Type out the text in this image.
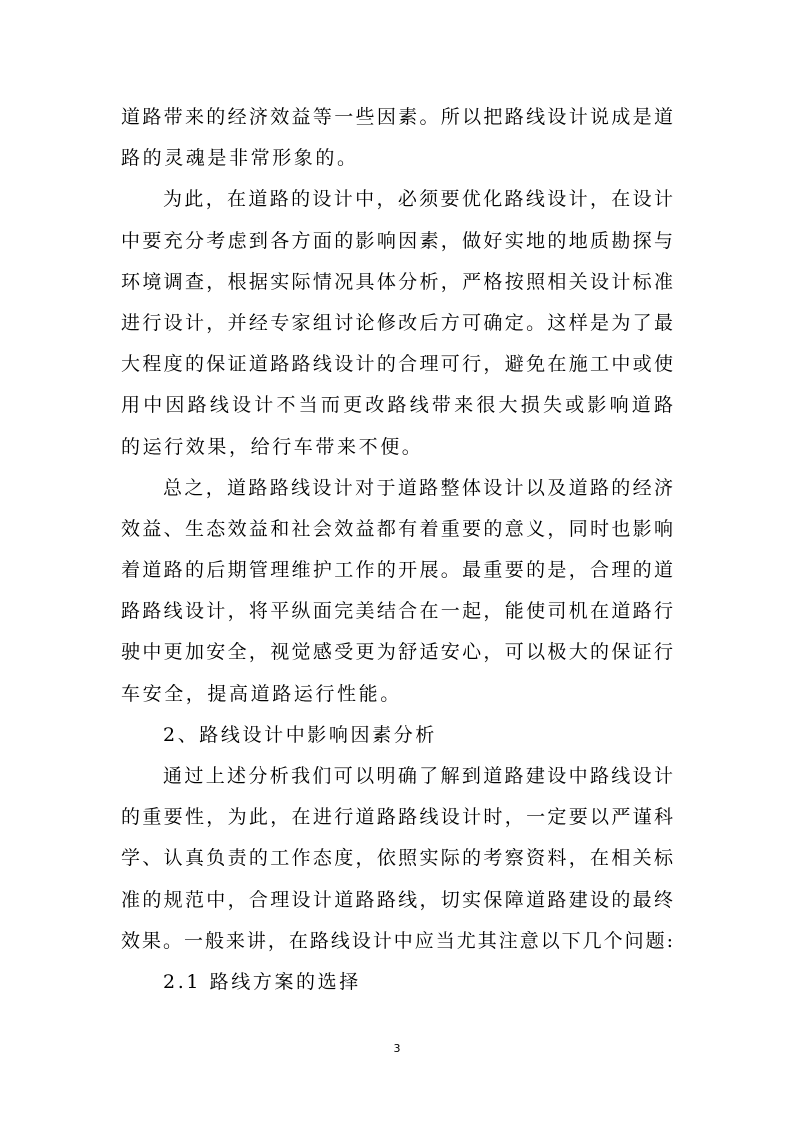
道路带来的经济效益等一些因素。所以把路线设计说成是道
路的灵魂是非常形象的。
为此，在道路的设计中，必须要优化路线设计，在设计
中要充分考虑到各方面的影响因素，做好实地的地质勘探与
环境调查，根据实际情况具体分析，严格按照相关设计标准
进行设计，并经专家组讨论修改后方可确定。这样是为了最
大程度的保证道路路线设计的合理可行，避免在施工中或使
用中因路线设计不当而更改路线带来很大损失或影响道路
的运行效果，给行车带来不便。
总之，道路路线设计对于道路整体设计以及道路的经济
效益、生态效益和社会效益都有着重要的意义，同时也影响
着道路的后期管理维护工作的开展。最重要的是，合理的道
路路线设计，将平纵面完美结合在一起，能使司机在道路行
驶中更加安全，视觉感受更为舒适安心，可以极大的保证行
车安全，提高道路运行性能。
2、路线设计中影响因素分析
通过上述分析我们可以明确了解到道路建设中路线设计
的重要性，为此，在进行道路路线设计时，一定要以严谨科
学、认真负责的工作态度，依照实际的考察资料，在相关标
准的规范中，合理设计道路路线，切实保障道路建设的最终
效果。一般来讲，在路线设计中应当尤其注意以下几个问题:
2.1 路线方案的选择
3
